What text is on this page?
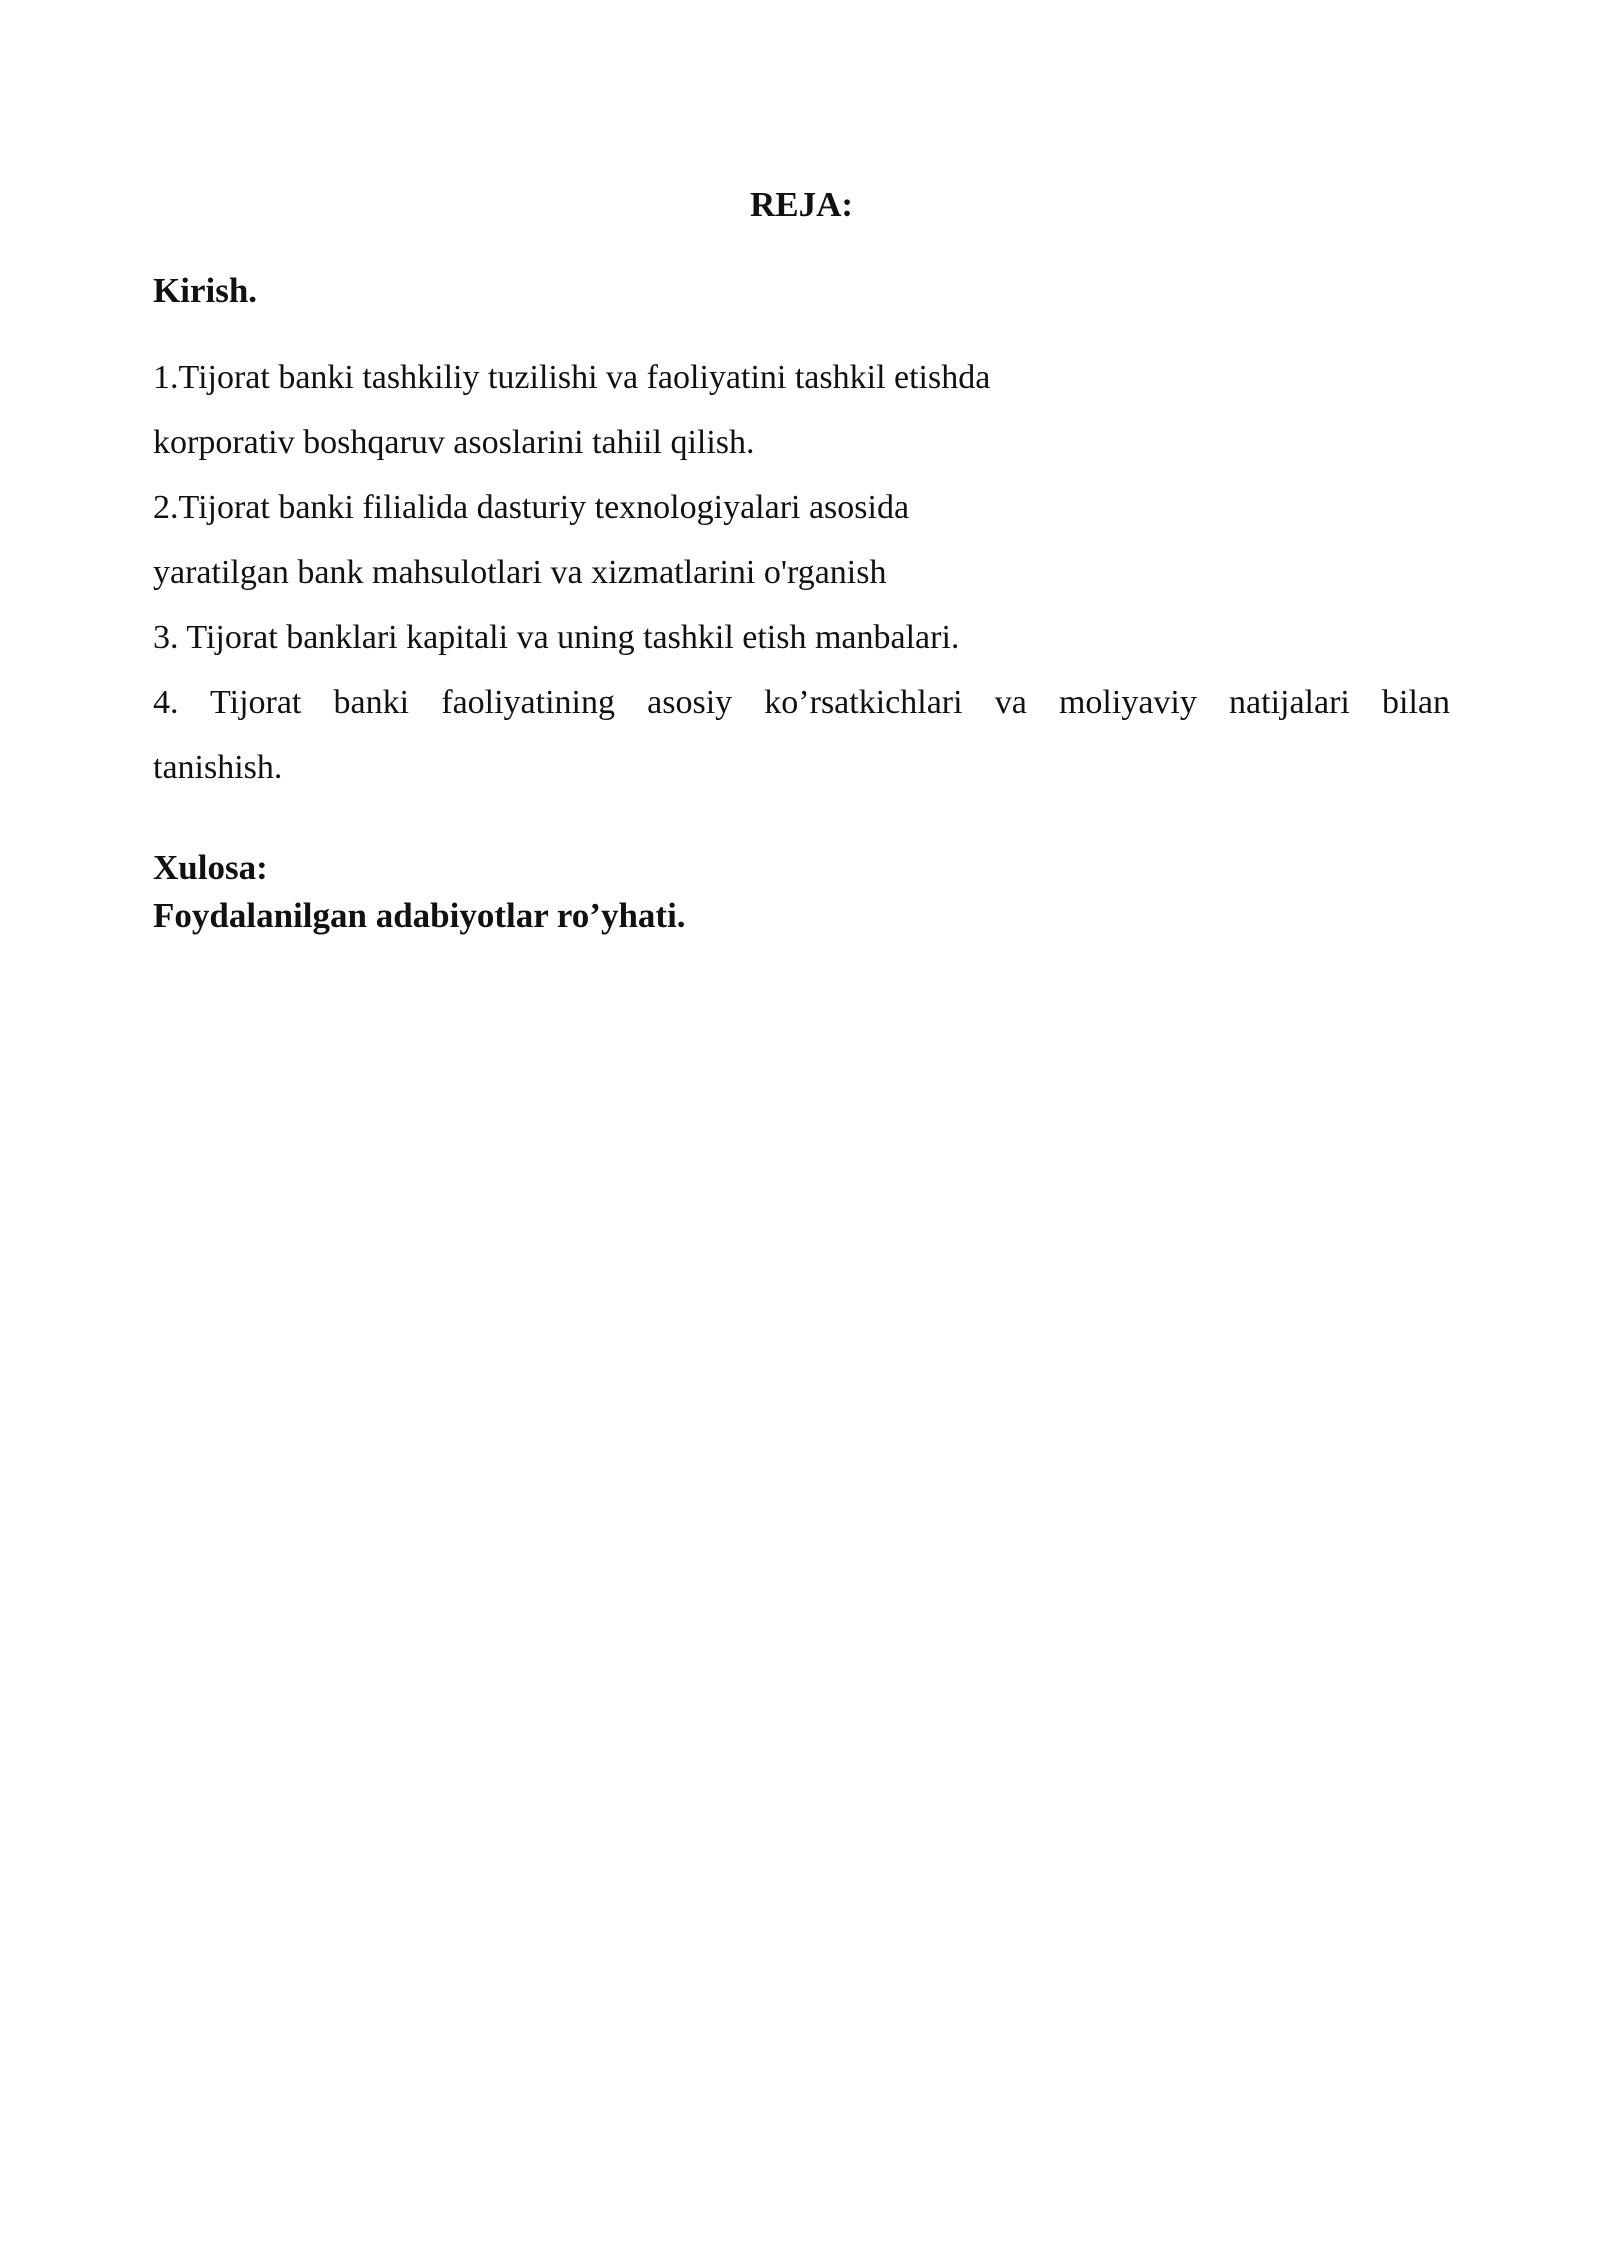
REJA:
Kirish.

1.Tijorat banki tashkiliy tuzilishi va faoliyatini tashkil etishda

korporativ boshqaruv asoslarini tahiil qilish.

2.Tijorat banki filialida dasturiy texnologiyalari asosida

yaratilgan bank mahsulotlari va xizmatlarini o'rganish

3. Tijorat banklari kapitali va uning tashkil etish manbalari.

4. Tijorat banki faoliyatining asosiy ko’rsatkichlari va moliyaviy natijalari bilan

tanishish.

Xulosa:
Foydalanilgan adabiyotlar ro’yhati.
